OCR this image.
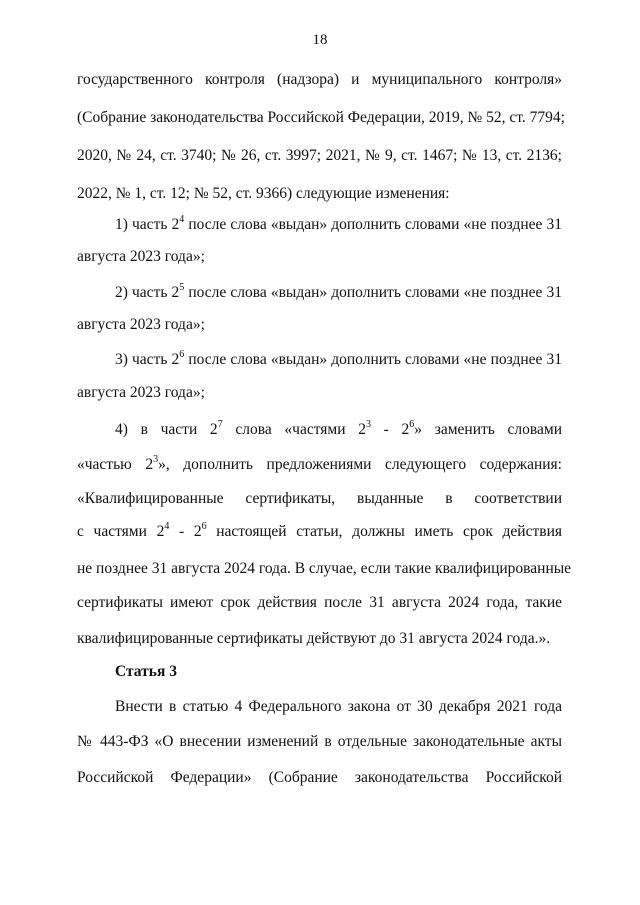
18
государственного контроля (надзора) и муниципального контроля»
(Собрание законодательства Российской Федерации, 2019, № 52, ст. 7794;
2020, № 24, ст. 3740; № 26, ст. 3997; 2021, № 9, ст. 1467; № 13, ст. 2136;
2022, № 1, ст. 12; № 52, ст. 9366) следующие изменения:
1) часть $2^4$ после слова «выдан» дополнить словами «не позднее 31
августа 2023 года»;
2) часть $2^5$ после слова «выдан» дополнить словами «не позднее 31
августа 2023 года»;
3) часть $2^6$ после слова «выдан» дополнить словами «не позднее 31
августа 2023 года»;
4) в части $2^7$ слова «частями $2^3 - 2^6$» заменить словами
«частью $2^3$», дополнить предложениями следующего содержания:
«Квалифицированные сертификаты, выданные в соответствии
с частями $2^4 - 2^6$ настоящей статьи, должны иметь срок действия
не позднее 31 августа 2024 года. В случае, если такие квалифицированные
сертификаты имеют срок действия после 31 августа 2024 года, такие
квалифицированные сертификаты действуют до 31 августа 2024 года.».
Статья 3
Внести в статью 4 Федерального закона от 30 декабря 2021 года
№ 443-ФЗ «О внесении изменений в отдельные законодательные акты
Российской Федерации» (Собрание законодательства Российской
